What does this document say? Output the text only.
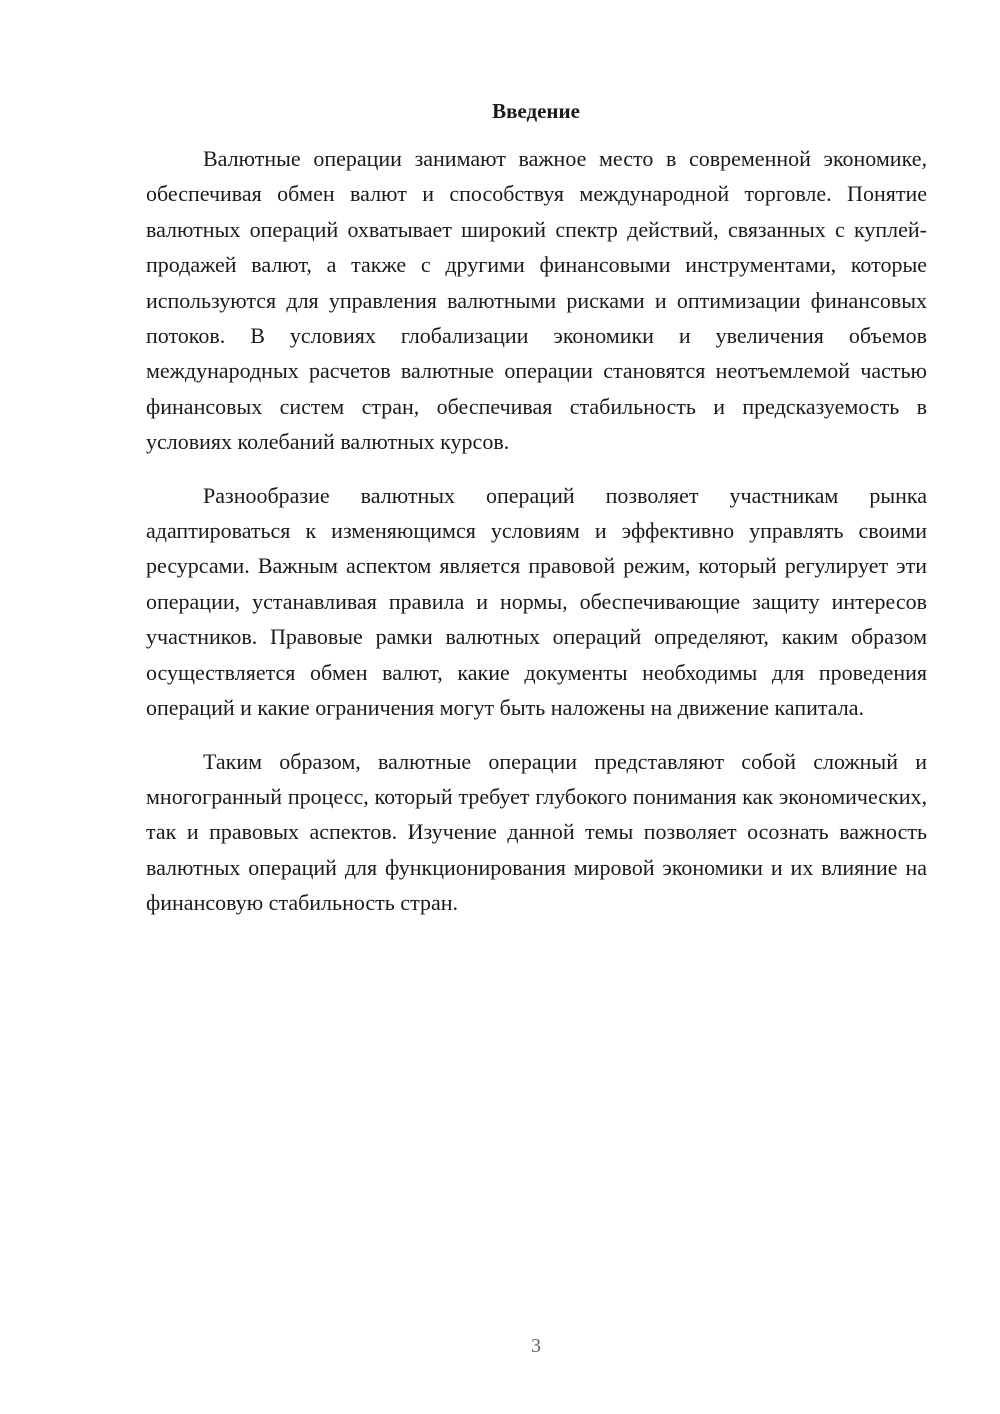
Введение

Валютные операции занимают важное место в современной экономике, обеспечивая обмен валют и способствуя международной торговле. Понятие валютных операций охватывает широкий спектр действий, связанных с куплей-продажей валют, а также с другими финансовыми инструментами, которые используются для управления валютными рисками и оптимизации финансовых потоков. В условиях глобализации экономики и увеличения объемов международных расчетов валютные операции становятся неотъемлемой частью финансовых систем стран, обеспечивая стабильность и предсказуемость в условиях колебаний валютных курсов.

Разнообразие валютных операций позволяет участникам рынка адаптироваться к изменяющимся условиям и эффективно управлять своими ресурсами. Важным аспектом является правовой режим, который регулирует эти операции, устанавливая правила и нормы, обеспечивающие защиту интересов участников. Правовые рамки валютных операций определяют, каким образом осуществляется обмен валют, какие документы необходимы для проведения операций и какие ограничения могут быть наложены на движение капитала.

Таким образом, валютные операции представляют собой сложный и многогранный процесс, который требует глубокого понимания как экономических, так и правовых аспектов. Изучение данной темы позволяет осознать важность валютных операций для функционирования мировой экономики и их влияние на финансовую стабильность стран.

3
